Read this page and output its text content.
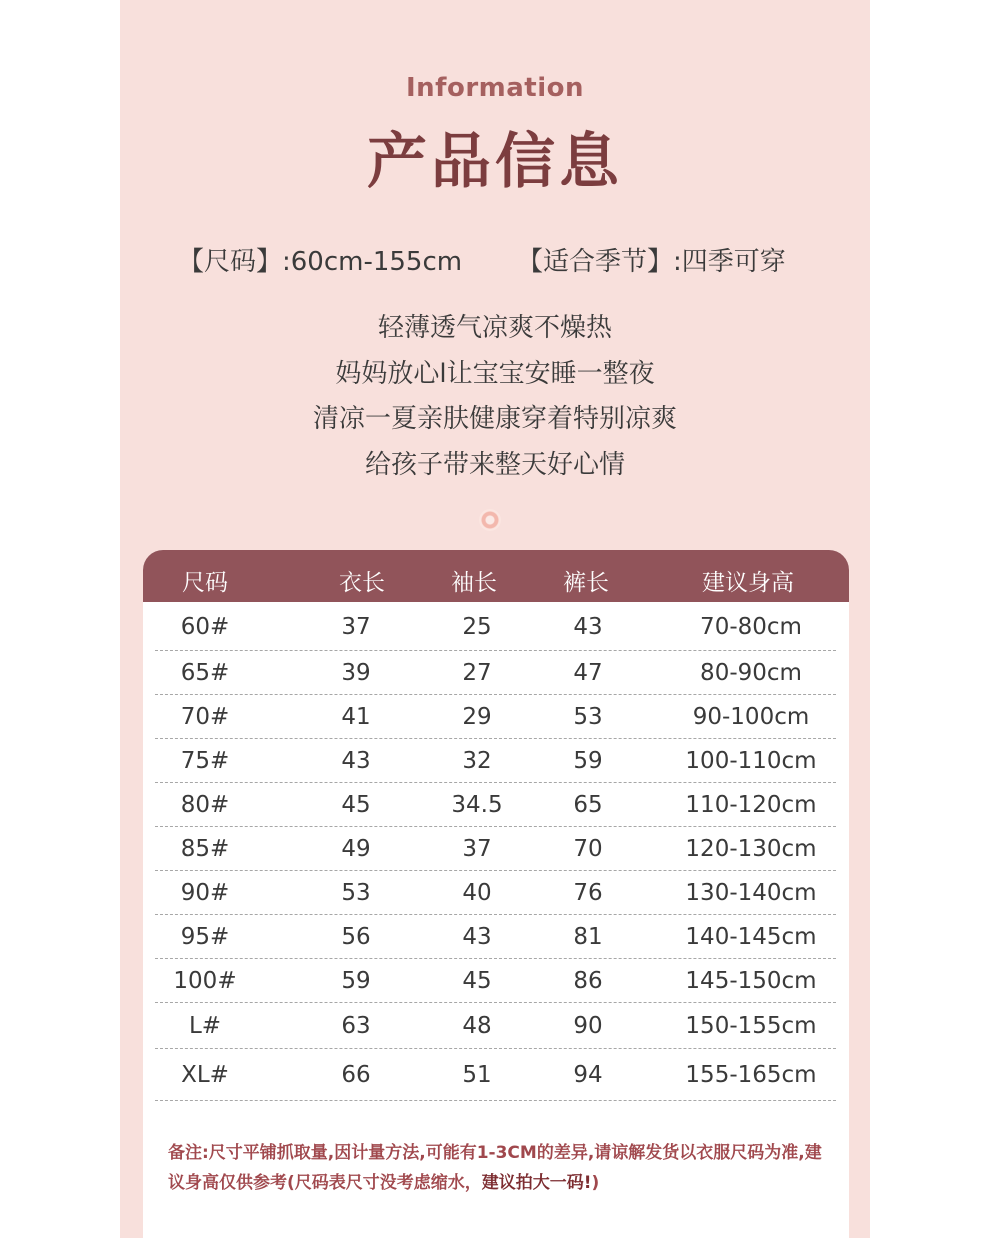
Information
产品信息
【尺码】:60cm-155cm 【适合季节】:四季可穿
轻薄透气凉爽不燥热
妈妈放心l让宝宝安睡一整夜
清凉一夏亲肤健康穿着特别凉爽
给孩子带来整天好心情
尺码	衣长	袖长	裤长	建议身高
60#	37	25	43	70-80cm
65#	39	27	47	80-90cm
70#	41	29	53	90-100cm
75#	43	32	59	100-110cm
80#	45	34.5	65	110-120cm
85#	49	37	70	120-130cm
90#	53	40	76	130-140cm
95#	56	43	81	140-145cm
100#	59	45	86	145-150cm
L#	63	48	90	150-155cm
XL#	66	51	94	155-165cm
备注:尺寸平铺抓取量,因计量方法,可能有1-3CM的差异,请谅解发货以衣服尺码为准,建议身高仅供参考(尺码表尺寸没考虑缩水，建议拍大一码!)
